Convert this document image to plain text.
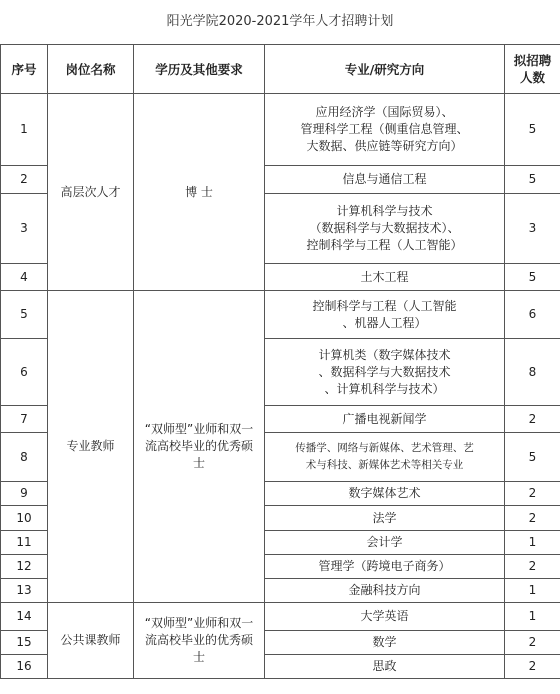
阳光学院2020-2021学年人才招聘计划
序号	岗位名称	学历及其他要求	专业/研究方向	拟招聘
人数

1	高层次人才	博 士	应用经济学（国际贸易）、
管理科学工程（侧重信息管理、
大数据、供应链等研究方向）	5
2			信息与通信工程	5
3			计算机科学与技术
（数据科学与大数据技术）、
控制科学与工程（人工智能）	3
4			土木工程	5
5	专业教师	“双师型”业师和双一
流高校毕业的优秀硕
士	控制科学与工程（人工智能
、机器人工程）	6
6			计算机类（数字媒体技术
、数据科学与大数据技术
、计算机科学与技术）	8
7			广播电视新闻学	2
8			传播学、网络与新媒体、艺术管理、艺
术与科技、新媒体艺术等相关专业	5
9			数字媒体艺术	2
10			法学	2
11			会计学	1
12			管理学（跨境电子商务）	2
13			金融科技方向	1
14	公共课教师	“双师型”业师和双一
流高校毕业的优秀硕
士	大学英语	1
15			数学	2
16			思政	2
